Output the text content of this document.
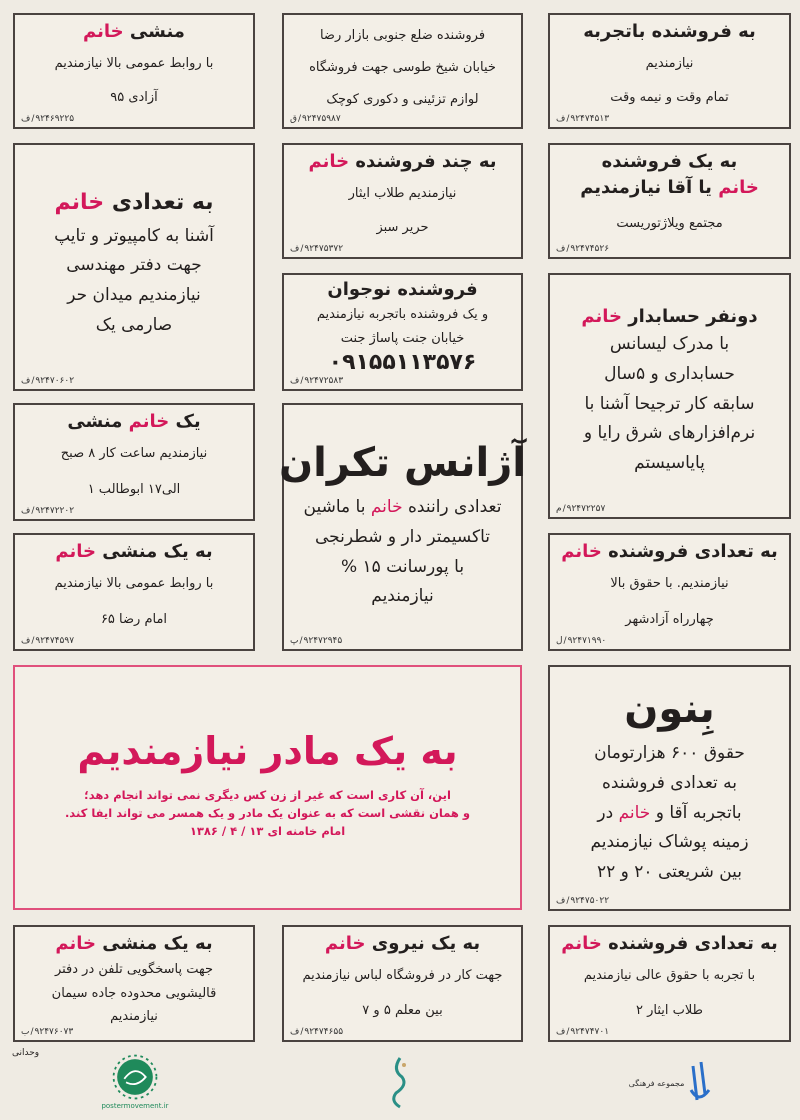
منشی خانم
با روابط عمومی بالا نیازمندیم
آزادی ۹۵
ف / ۹۲۴۶۹۲۲۵
فروشنده ضلع جنوبی بازار رضا
خیابان شیخ طوسی جهت فروشگاه
لوازم تزئینی و دکوری کوچک
ق / ۹۲۴۷۵۹۸۷
به فروشنده باتجربه
نیازمندیم
تمام وقت و نیمه وقت
ف / ۹۲۴۷۴۵۱۳
به تعدادی خانم
آشنا به کامپیوتر و تایپ
جهت دفتر مهندسی
نیازمندیم میدان حر
صارمی یک
ف / ۹۲۴۷۰۶۰۲
به چند فروشنده خانم
نیازمندیم طلاب ایثار
حریر سبز
ف / ۹۲۴۷۵۳۷۲
به یک فروشنده
خانم یا آقا نیازمندیم
مجتمع ویلاژتوریست
ف / ۹۲۴۷۴۵۲۶
فروشنده نوجوان
و یک فروشنده باتجربه نیازمندیم
خیابان جنت پاساژ جنت
۰۹۱۵۵۱۱۳۵۷۶
ف / ۹۲۴۷۲۵۸۳
دونفر حسابدار خانم
با مدرک لیسانس
حسابداری و ۵سال
سابقه کار ترجیحا آشنا با
نرم‌افزارهای شرق رایا و
پایاسیستم
م / ۹۲۴۷۲۲۵۷
یک خانم منشی
نیازمندیم ساعت کار ۸ صبح
الی۱۷ ابوطالب ۱
ف / ۹۲۴۷۲۲۰۲
آژانس تکران
تعدادی راننده خانم با ماشین
تاکسیمتر دار و شطرنجی
با پورسانت ۱۵ %
نیازمندیم
پ / ۹۲۴۷۲۹۴۵
به یک منشی خانم
با روابط عمومی بالا نیازمندیم
امام رضا ۶۵
ف / ۹۲۴۷۴۵۹۷
به تعدادی فروشنده خانم
نیازمندیم. با حقوق بالا
چهارراه آزادشهر
ل / ۹۲۴۷۱۹۹۰
بِنون
حقوق ۶۰۰ هزارتومان
به تعدادی فروشنده
باتجربه آقا و خانم در
زمینه پوشاک نیازمندیم
بین شریعتی ۲۰ و ۲۲
ف / ۹۲۴۷۵۰۲۲
به یک منشی خانم
جهت پاسخگویی تلفن در دفتر
قالیشویی محدوده جاده سیمان
نیازمندیم
ب / ۹۲۴۷۶۰۷۳
به یک نیروی خانم
جهت کار در فروشگاه لباس نیازمندیم
بین معلم ۵ و ۷
ف / ۹۲۴۷۴۶۵۵
به تعدادی فروشنده خانم
با تجربه با حقوق عالی نیازمندیم
طلاب ایثار ۲
ف / ۹۲۴۷۴۷۰۱
به یک مادر نیازمندیم
این، آن کاری است که غیر از زن کس دیگری نمی تواند انجام دهد؛
و همان نقشی است که به عنوان یک مادر و یک همسر می تواند ایفا کند.
امام خامنه ای ۱۳ / ۴ / ۱۳۸۶
وحدانی
postermovement.ir
مجموعه فرهنگی
